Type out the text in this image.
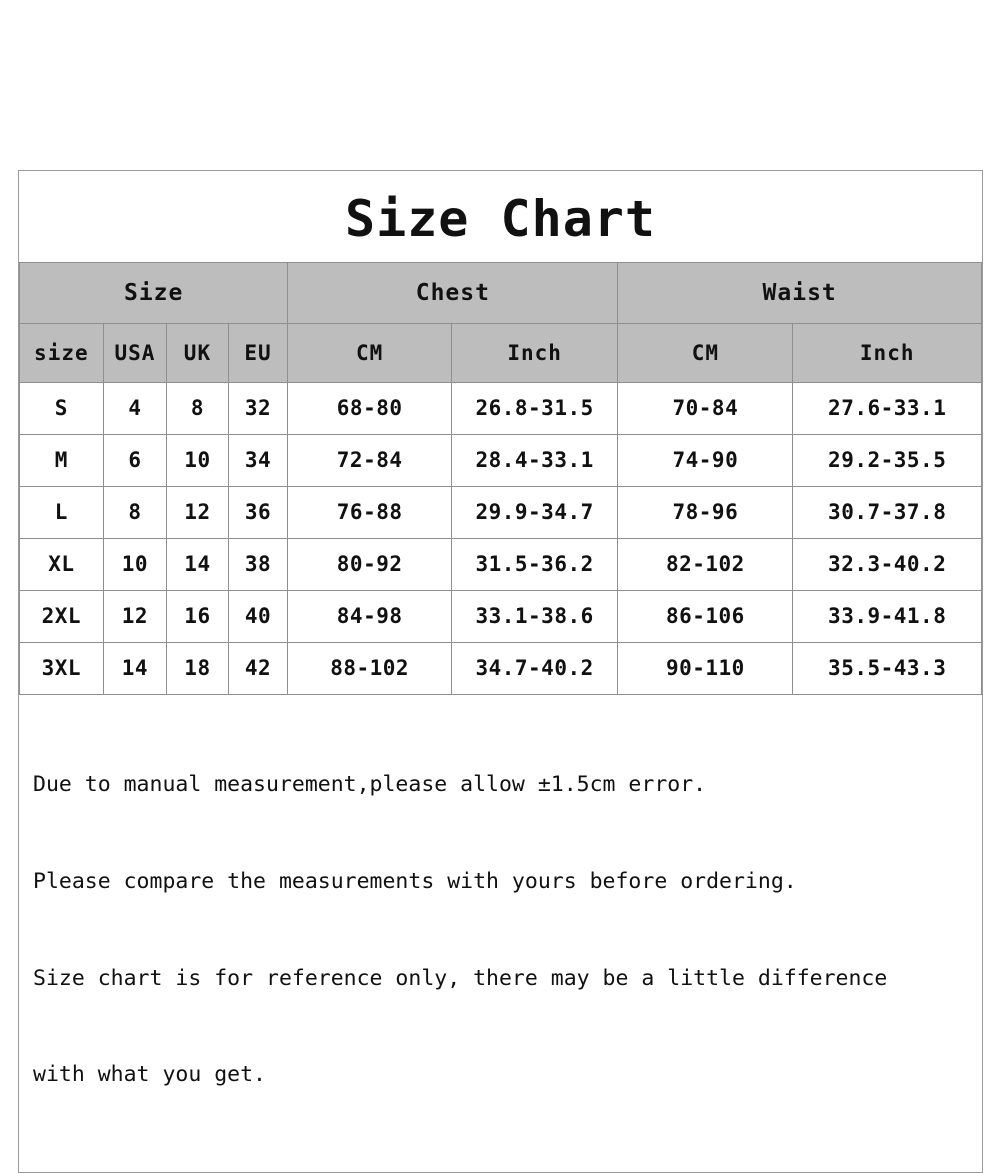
Size Chart
Size				Chest		Waist	
size	USA	UK	EU	CM	Inch	CM	Inch
S	4	8	32	68-80	26.8-31.5	70-84	27.6-33.1
M	6	10	34	72-84	28.4-33.1	74-90	29.2-35.5
L	8	12	36	76-88	29.9-34.7	78-96	30.7-37.8
XL	10	14	38	80-92	31.5-36.2	82-102	32.3-40.2
2XL	12	16	40	84-98	33.1-38.6	86-106	33.9-41.8
3XL	14	18	42	88-102	34.7-40.2	90-110	35.5-43.3

Due to manual measurement,please allow ±1.5cm error.

Please compare the measurements with yours before ordering.

Size chart is for reference only, there may be a little difference

with what you get.
